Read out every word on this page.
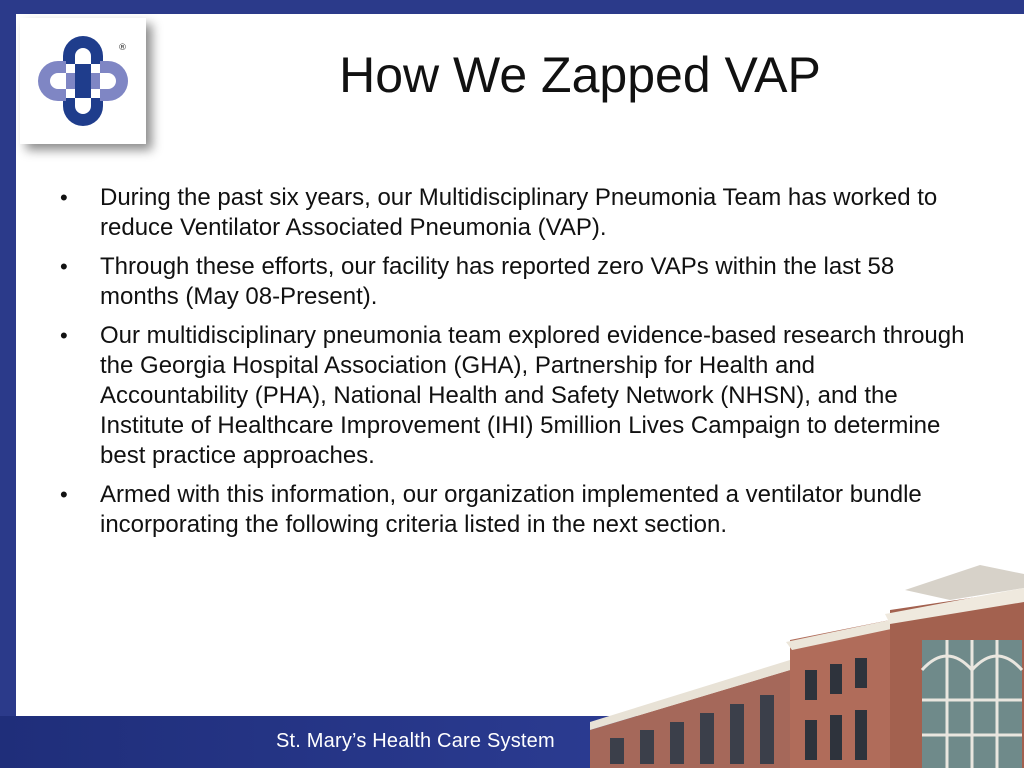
®	How We Zapped VAP
• During the past six years, our Multidisciplinary Pneumonia Team has worked to reduce Ventilator Associated Pneumonia (VAP).
• Through these efforts, our facility has reported zero VAPs within the last 58 months (May 08-Present).
• Our multidisciplinary pneumonia team explored evidence-based research through the Georgia Hospital Association (GHA), Partnership for Health and Accountability (PHA), National Health and Safety Network (NHSN), and the Institute of Healthcare Improvement (IHI) 5million Lives Campaign to determine best practice approaches.
• Armed with this information, our organization implemented a ventilator bundle incorporating the following criteria listed in the next section.
St. Mary’s Health Care System
